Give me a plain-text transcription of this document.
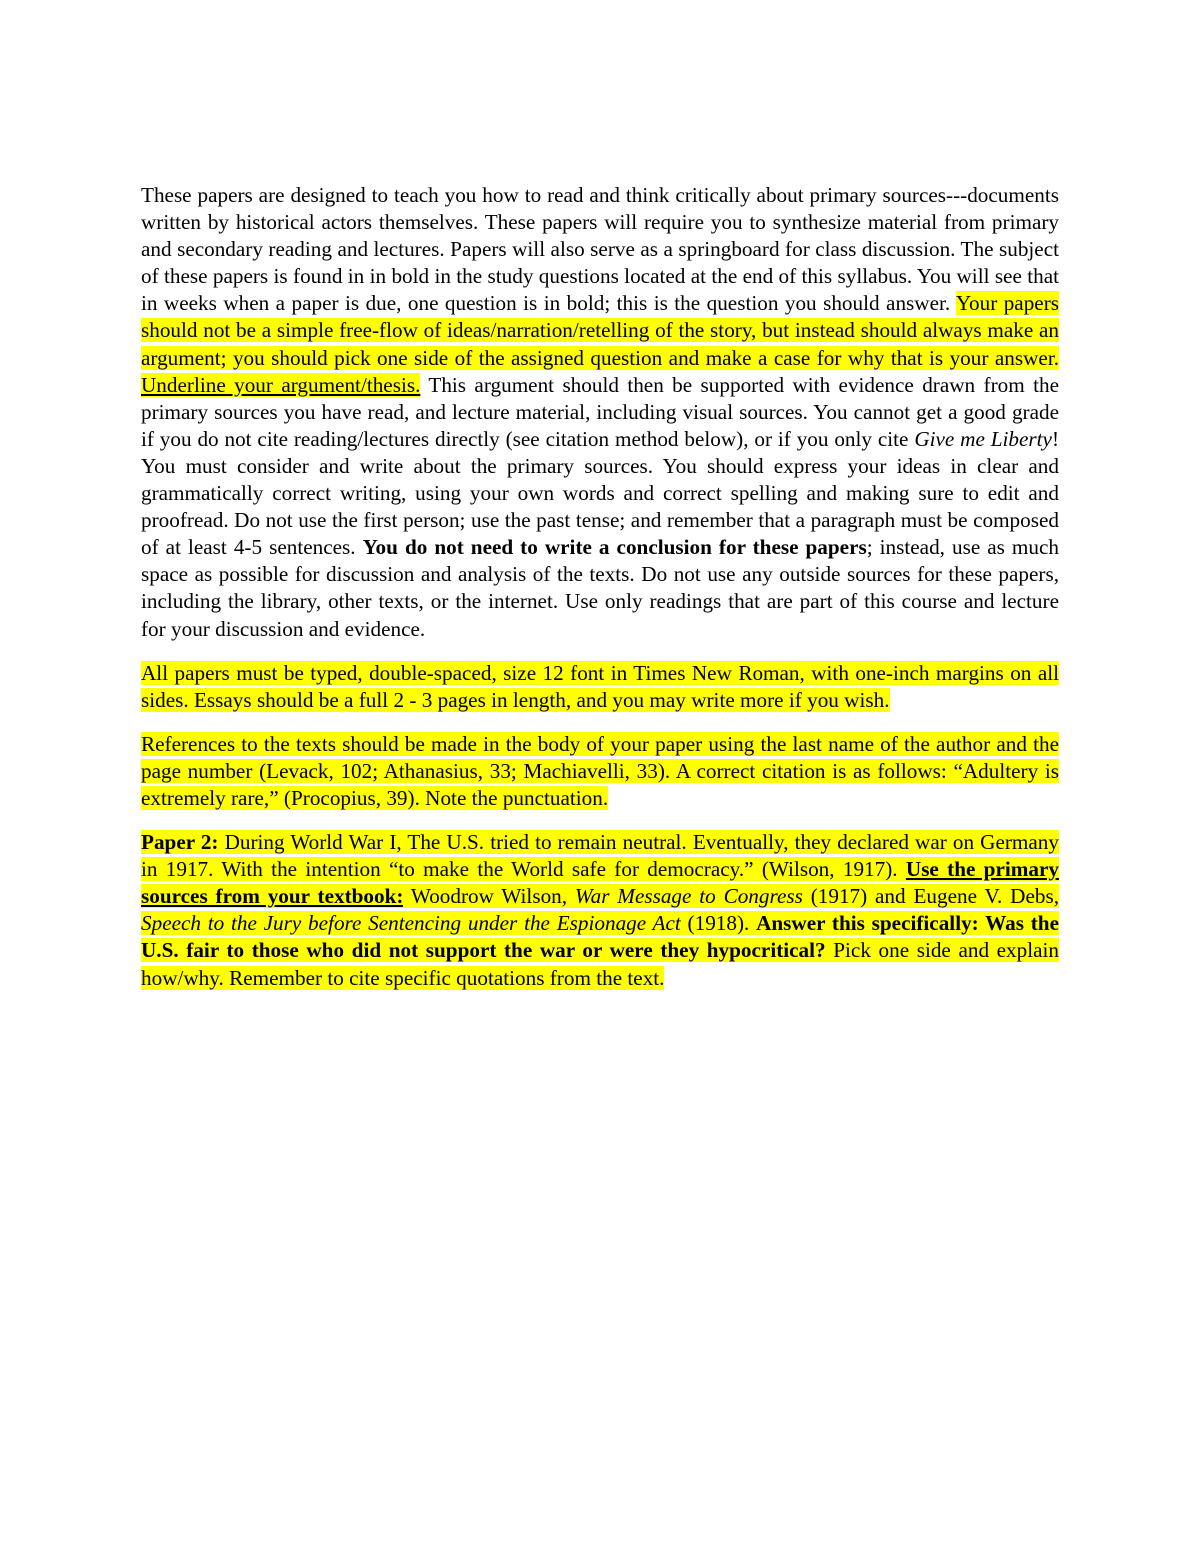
These papers are designed to teach you how to read and think critically about primary sources---documents written by historical actors themselves. These papers will require you to synthesize material from primary and secondary reading and lectures. Papers will also serve as a springboard for class discussion. The subject of these papers is found in in bold in the study questions located at the end of this syllabus. You will see that in weeks when a paper is due, one question is in bold; this is the question you should answer. Your papers should not be a simple free-flow of ideas/narration/retelling of the story, but instead should always make an argument; you should pick one side of the assigned question and make a case for why that is your answer. Underline your argument/thesis. This argument should then be supported with evidence drawn from the primary sources you have read, and lecture material, including visual sources. You cannot get a good grade if you do not cite reading/lectures directly (see citation method below), or if you only cite Give me Liberty! You must consider and write about the primary sources. You should express your ideas in clear and grammatically correct writing, using your own words and correct spelling and making sure to edit and proofread. Do not use the first person; use the past tense; and remember that a paragraph must be composed of at least 4-5 sentences. You do not need to write a conclusion for these papers; instead, use as much space as possible for discussion and analysis of the texts. Do not use any outside sources for these papers, including the library, other texts, or the internet. Use only readings that are part of this course and lecture for your discussion and evidence.

All papers must be typed, double-spaced, size 12 font in Times New Roman, with one-inch margins on all sides. Essays should be a full 2 - 3 pages in length, and you may write more if you wish.

References to the texts should be made in the body of your paper using the last name of the author and the page number (Levack, 102; Athanasius, 33; Machiavelli, 33). A correct citation is as follows: “Adultery is extremely rare,” (Procopius, 39). Note the punctuation.

Paper 2: During World War I, The U.S. tried to remain neutral. Eventually, they declared war on Germany in 1917. With the intention “to make the World safe for democracy.” (Wilson, 1917). Use the primary sources from your textbook: Woodrow Wilson, War Message to Congress (1917) and Eugene V. Debs, Speech to the Jury before Sentencing under the Espionage Act (1918). Answer this specifically: Was the U.S. fair to those who did not support the war or were they hypocritical? Pick one side and explain how/why. Remember to cite specific quotations from the text.
